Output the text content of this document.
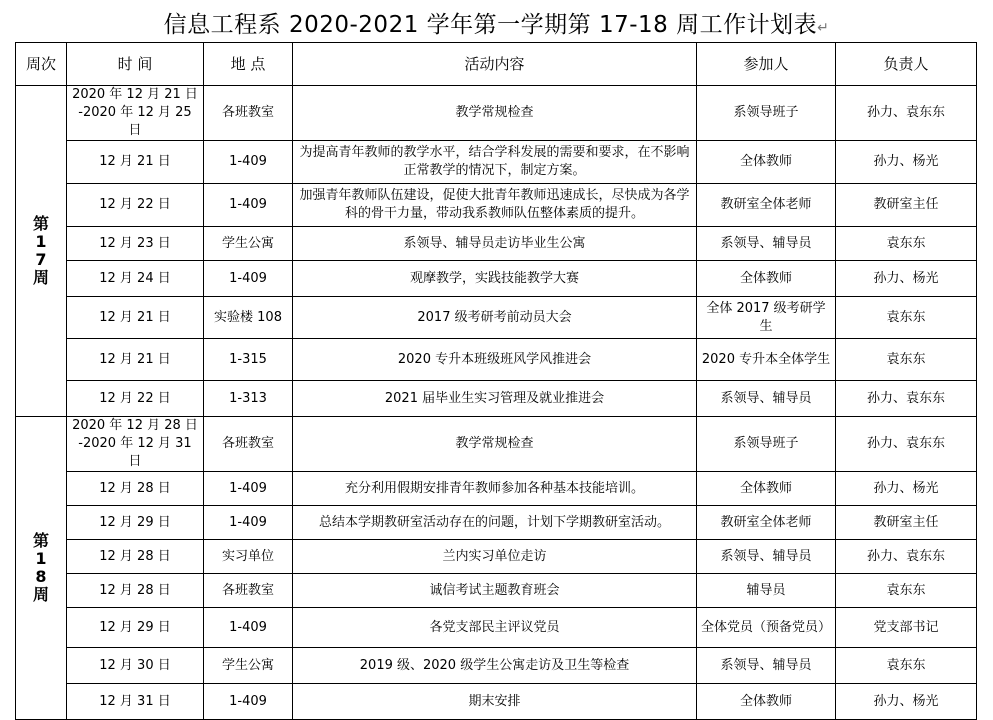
信息工程系 2020-2021 学年第一学期第 17-18 周工作计划表↵
周次	时 间	地 点	活动内容	参加人	负责人
第17周	2020 年 12 月 21 日
-2020 年 12 月 25 日	各班教室	教学常规检查	系领导班子	孙力、袁东东
	12 月 21 日	1-409	为提高青年教师的教学水平，结合学科发展的需要和要求，在不影响正常教学的情况下，制定方案。	全体教师	孙力、杨光
	12 月 22 日	1-409	加强青年教师队伍建设，促使大批青年教师迅速成长，尽快成为各学科的骨干力量，带动我系教师队伍整体素质的提升。	教研室全体老师	教研室主任
	12 月 23 日	学生公寓	系领导、辅导员走访毕业生公寓	系领导、辅导员	袁东东
	12 月 24 日	1-409	观摩教学，实践技能教学大赛	全体教师	孙力、杨光
	12 月 21 日	实验楼 108	2017 级考研考前动员大会	全体 2017 级考研学生	袁东东
	12 月 21 日	1-315	2020 专升本班级班风学风推进会	2020 专升本全体学生	袁东东
	12 月 22 日	1-313	2021 届毕业生实习管理及就业推进会	系领导、辅导员	孙力、袁东东
第18周	2020 年 12 月 28 日
-2020 年 12 月 31 日	各班教室	教学常规检查	系领导班子	孙力、袁东东
	12 月 28 日	1-409	充分利用假期安排青年教师参加各种基本技能培训。	全体教师	孙力、杨光
	12 月 29 日	1-409	总结本学期教研室活动存在的问题，计划下学期教研室活动。	教研室全体老师	教研室主任
	12 月 28 日	实习单位	兰内实习单位走访	系领导、辅导员	孙力、袁东东
	12 月 28 日	各班教室	诚信考试主题教育班会	辅导员	袁东东
	12 月 29 日	1-409	各党支部民主评议党员	全体党员（预备党员）	党支部书记
	12 月 30 日	学生公寓	2019 级、2020 级学生公寓走访及卫生等检查	系领导、辅导员	袁东东
	12 月 31 日	1-409	期末安排	全体教师	孙力、杨光
